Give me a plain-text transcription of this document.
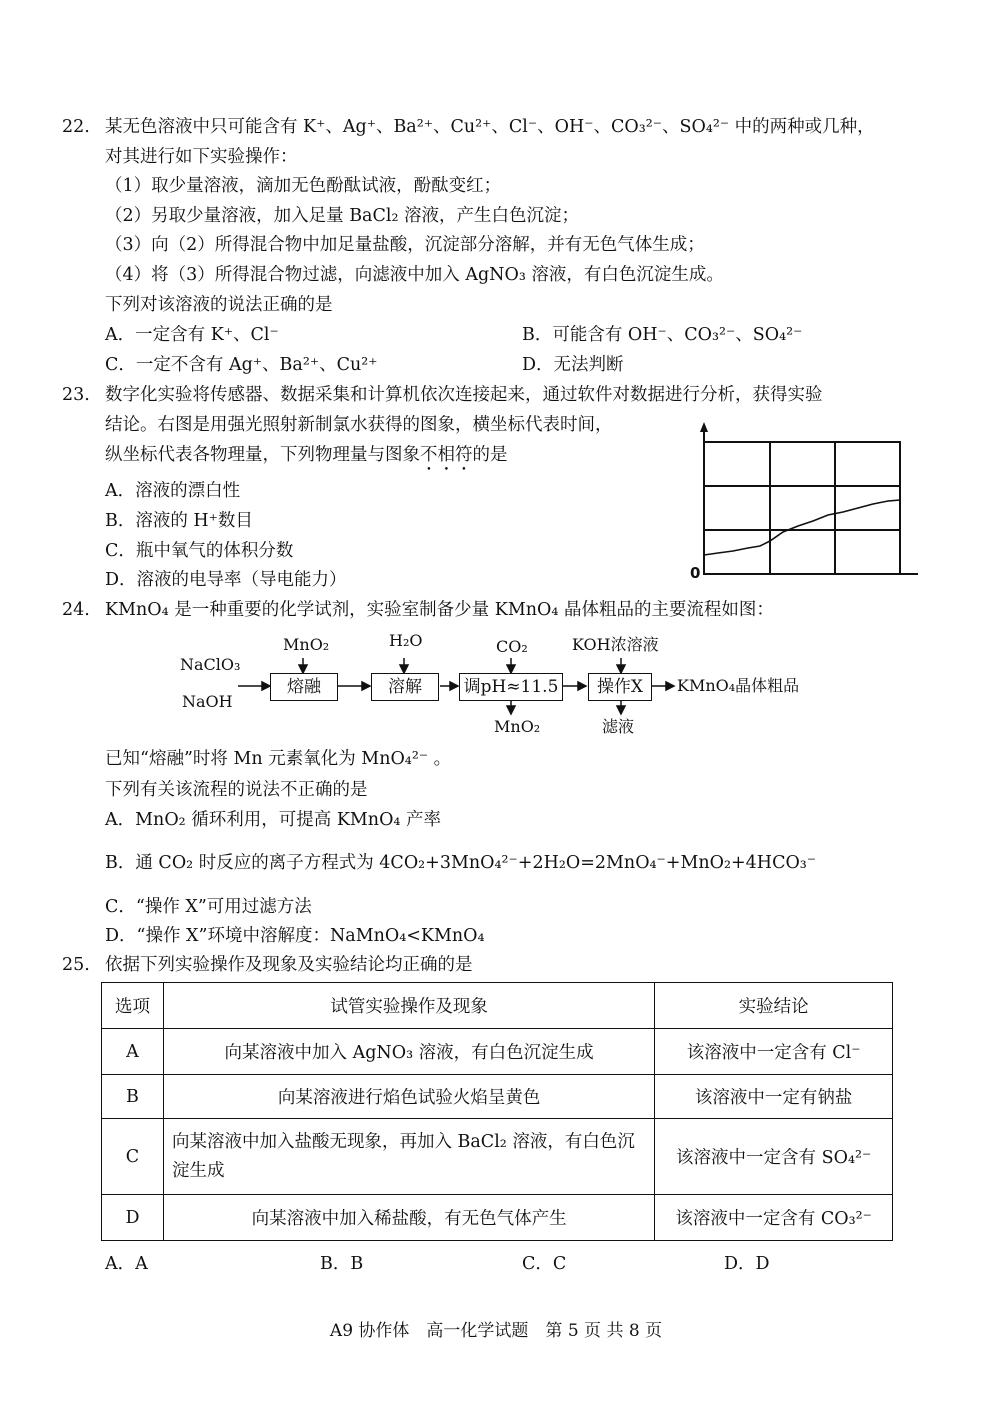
22. 某无色溶液中只可能含有 K⁺、Ag⁺、Ba²⁺、Cu²⁺、Cl⁻、OH⁻、CO₃²⁻、SO₄²⁻ 中的两种或几种，
对其进行如下实验操作：
（1）取少量溶液，滴加无色酚酞试液，酚酞变红；
（2）另取少量溶液，加入足量 BaCl₂ 溶液，产生白色沉淀；
（3）向（2）所得混合物中加足量盐酸，沉淀部分溶解，并有无色气体生成；
（4）将（3）所得混合物过滤，向滤液中加入 AgNO₃ 溶液，有白色沉淀生成。
下列对该溶液的说法正确的是
A．一定含有 K⁺、Cl⁻	B．可能含有 OH⁻、CO₃²⁻、SO₄²⁻
C．一定不含有 Ag⁺、Ba²⁺、Cu²⁺	D．无法判断
23. 数字化实验将传感器、数据采集和计算机依次连接起来，通过软件对数据进行分析，获得实验
结论。右图是用强光照射新制氯水获得的图象，横坐标代表时间，
纵坐标代表各物理量，下列物理量与图象不相符的是
A．溶液的漂白性
B．溶液的 H⁺数目
C．瓶中氧气的体积分数
D．溶液的电导率（导电能力）	0
24. KMnO₄ 是一种重要的化学试剂，实验室制备少量 KMnO₄ 晶体粗品的主要流程如图：
NaClO₃
NaOH
熔融	溶解	调pH≈11.5	操作X
MnO₂	H₂O	CO₂	KOH浓溶液
MnO₂	滤液
KMnO₄晶体粗品
已知“熔融”时将 Mn 元素氧化为 MnO₄²⁻ 。
下列有关该流程的说法不正确的是
A．MnO₂ 循环利用，可提高 KMnO₄ 产率
B．通 CO₂ 时反应的离子方程式为 4CO₂+3MnO₄²⁻+2H₂O=2MnO₄⁻+MnO₂+4HCO₃⁻
C．“操作 X”可用过滤方法
D．“操作 X”环境中溶解度：NaMnO₄<KMnO₄
25. 依据下列实验操作及现象及实验结论均正确的是
选项	试管实验操作及现象	实验结论
A	向某溶液中加入 AgNO₃ 溶液，有白色沉淀生成	该溶液中一定含有 Cl⁻
B	向某溶液进行焰色试验火焰呈黄色	该溶液中一定有钠盐
C	向某溶液中加入盐酸无现象，再加入 BaCl₂ 溶液，有白色沉淀生成	该溶液中一定含有 SO₄²⁻
D	向某溶液中加入稀盐酸，有无色气体产生	该溶液中一定含有 CO₃²⁻
A．A	B．B	C．C	D．D
A9 协作体　高一化学试题　第 5 页 共 8 页
